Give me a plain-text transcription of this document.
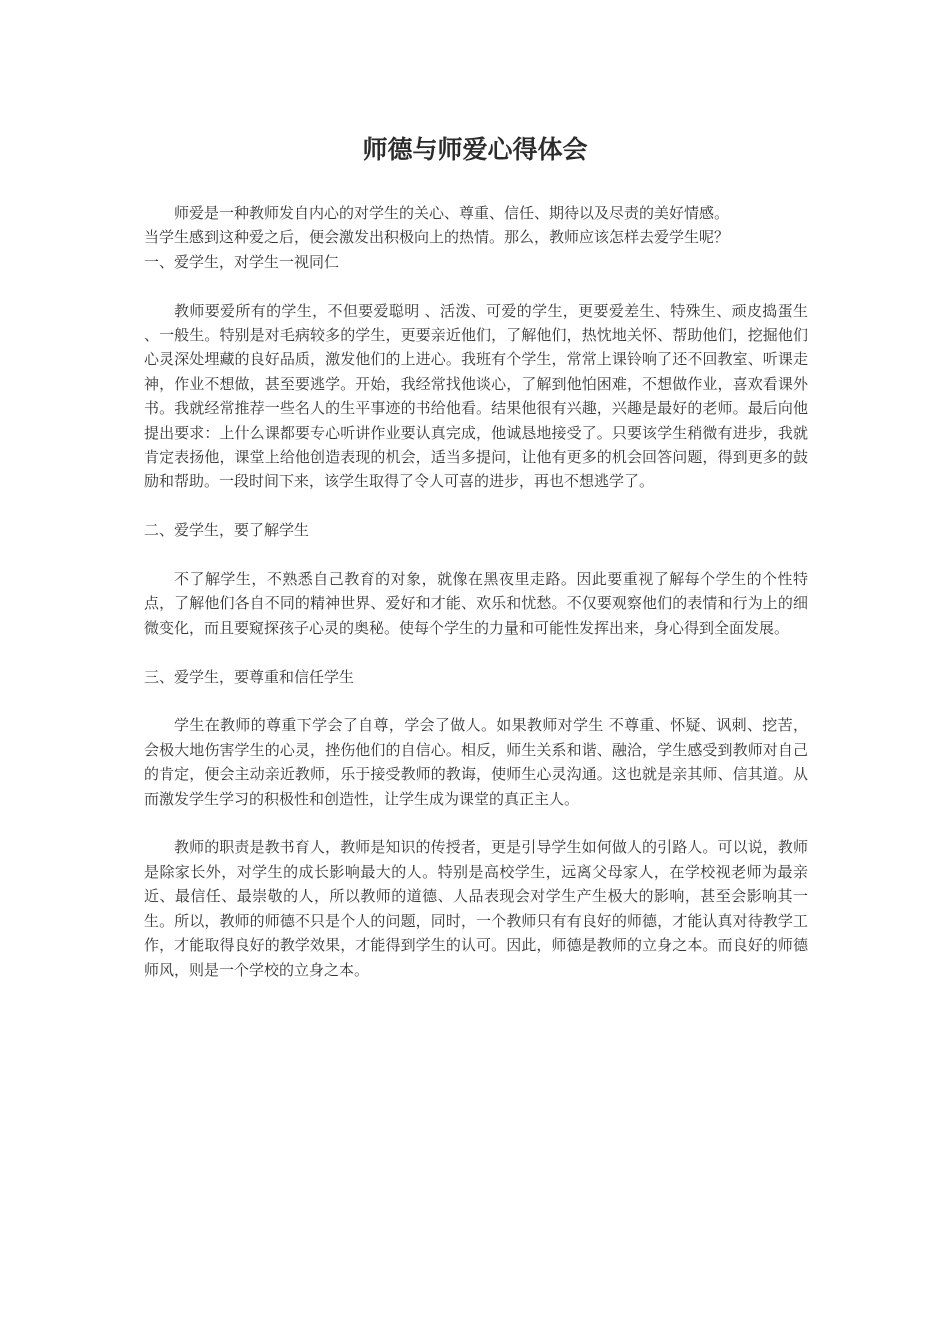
师德与师爱心得体会

师爱是一种教师发自内心的对学生的关心、尊重、信任、期待以及尽责的美好情感。

当学生感到这种爱之后，便会激发出积极向上的热情。那么，教师应该怎样去爱学生呢？

一、爱学生，对学生一视同仁

教师要爱所有的学生，不但要爱聪明 、活泼、可爱的学生，更要爱差生、特殊生、顽皮捣蛋生 、一般生。特别是对毛病较多的学生，更要亲近他们，了解他们，热忱地关怀、帮助他们，挖掘他们心灵深处埋藏的良好品质，激发他们的上进心。我班有个学生，常常上课铃响了还不回教室、听课走神，作业不想做，甚至要逃学。开始，我经常找他谈心，了解到他怕困难，不想做作业，喜欢看课外书。我就经常推荐一些名人的生平事迹的书给他看。结果他很有兴趣，兴趣是最好的老师。最后向他提出要求：上什么课都要专心听讲作业要认真完成，他诚恳地接受了。只要该学生稍微有进步，我就肯定表扬他，课堂上给他创造表现的机会，适当多提问，让他有更多的机会回答问题，得到更多的鼓励和帮助。一段时间下来，该学生取得了令人可喜的进步，再也不想逃学了。

二、爱学生，要了解学生

不了解学生，不熟悉自己教育的对象，就像在黑夜里走路。因此要重视了解每个学生的个性特点，了解他们各自不同的精神世界、爱好和才能、欢乐和忧愁。不仅要观察他们的表情和行为上的细微变化，而且要窥探孩子心灵的奥秘。使每个学生的力量和可能性发挥出来，身心得到全面发展。

三、爱学生，要尊重和信任学生

学生在教师的尊重下学会了自尊，学会了做人。如果教师对学生 不尊重、怀疑、讽刺、挖苦，会极大地伤害学生的心灵，挫伤他们的自信心。相反，师生关系和谐、融洽，学生感受到教师对自己的肯定，便会主动亲近教师，乐于接受教师的教诲，使师生心灵沟通。这也就是亲其师、信其道。从而激发学生学习的积极性和创造性，让学生成为课堂的真正主人。

教师的职责是教书育人，教师是知识的传授者，更是引导学生如何做人的引路人。可以说，教师是除家长外，对学生的成长影响最大的人。特别是高校学生，远离父母家人，在学校视老师为最亲近、最信任、最崇敬的人，所以教师的道德、人品表现会对学生产生极大的影响，甚至会影响其一生。所以，教师的师德不只是个人的问题，同时，一个教师只有有良好的师德，才能认真对待教学工作，才能取得良好的教学效果，才能得到学生的认可。因此，师德是教师的立身之本。而良好的师德师风，则是一个学校的立身之本。
